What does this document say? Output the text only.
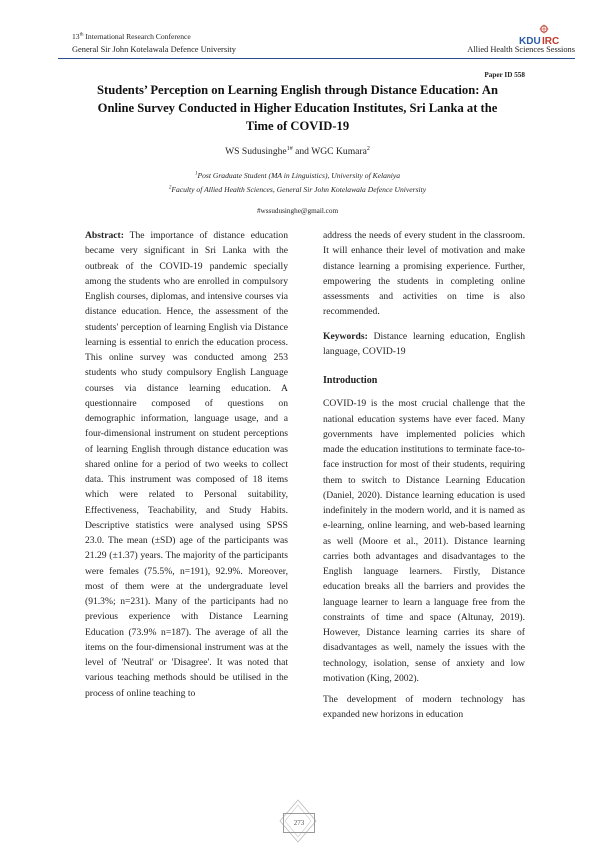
13th International Research Conference
General Sir John Kotelawala Defence University	Allied Health Sciences Sessions
KDU IRC
Paper ID 558
Students’ Perception on Learning English through Distance Education: An Online Survey Conducted in Higher Education Institutes, Sri Lanka at the Time of COVID-19
WS Sudusinghe$^{1\#}$ and WGC Kumara$^2$
$^1$Post Graduate Student (MA in Linguistics), University of Kelaniya
$^2$Faculty of Allied Health Sciences, General Sir John Kotelawala Defence University
#wssudusinghe@gmail.com

Abstract: The importance of distance education became very significant in Sri Lanka with the outbreak of the COVID-19 pandemic specially among the students who are enrolled in compulsory English courses, diplomas, and intensive courses via distance education. Hence, the assessment of the students' perception of learning English via Distance learning is essential to enrich the education process. This online survey was conducted among 253 students who study compulsory English Language courses via distance learning education. A questionnaire composed of questions on demographic information, language usage, and a four-dimensional instrument on student perceptions of learning English through distance education was shared online for a period of two weeks to collect data. This instrument was composed of 18 items which were related to Personal suitability, Effectiveness, Teachability, and Study Habits. Descriptive statistics were analysed using SPSS 23.0. The mean (±SD) age of the participants was 21.29 (±1.37) years. The majority of the participants were females (75.5%, n=191), 92.9%. Moreover, most of them were at the undergraduate level (91.3%; n=231). Many of the participants had no previous experience with Distance Learning Education (73.9% n=187). The average of all the items on the four-dimensional instrument was at the level of 'Neutral' or 'Disagree'. It was noted that various teaching methods should be utilised in the process of online teaching to

address the needs of every student in the classroom. It will enhance their level of motivation and make distance learning a promising experience. Further, empowering the students in completing online assessments and activities on time is also recommended.

Keywords: Distance learning education, English language, COVID-19

Introduction

COVID-19 is the most crucial challenge that the national education systems have ever faced. Many governments have implemented policies which made the education institutions to terminate face-to-face instruction for most of their students, requiring them to switch to Distance Learning Education (Daniel, 2020). Distance learning education is used indefinitely in the modern world, and it is named as e-learning, online learning, and web-based learning as well (Moore et al., 2011). Distance learning carries both advantages and disadvantages to the English language learners. Firstly, Distance education breaks all the barriers and provides the language learner to learn a language free from the constraints of time and space (Altunay, 2019). However, Distance learning carries its share of disadvantages as well, namely the issues with the technology, isolation, sense of anxiety and low motivation (King, 2002).

The development of modern technology has expanded new horizons in education

273
